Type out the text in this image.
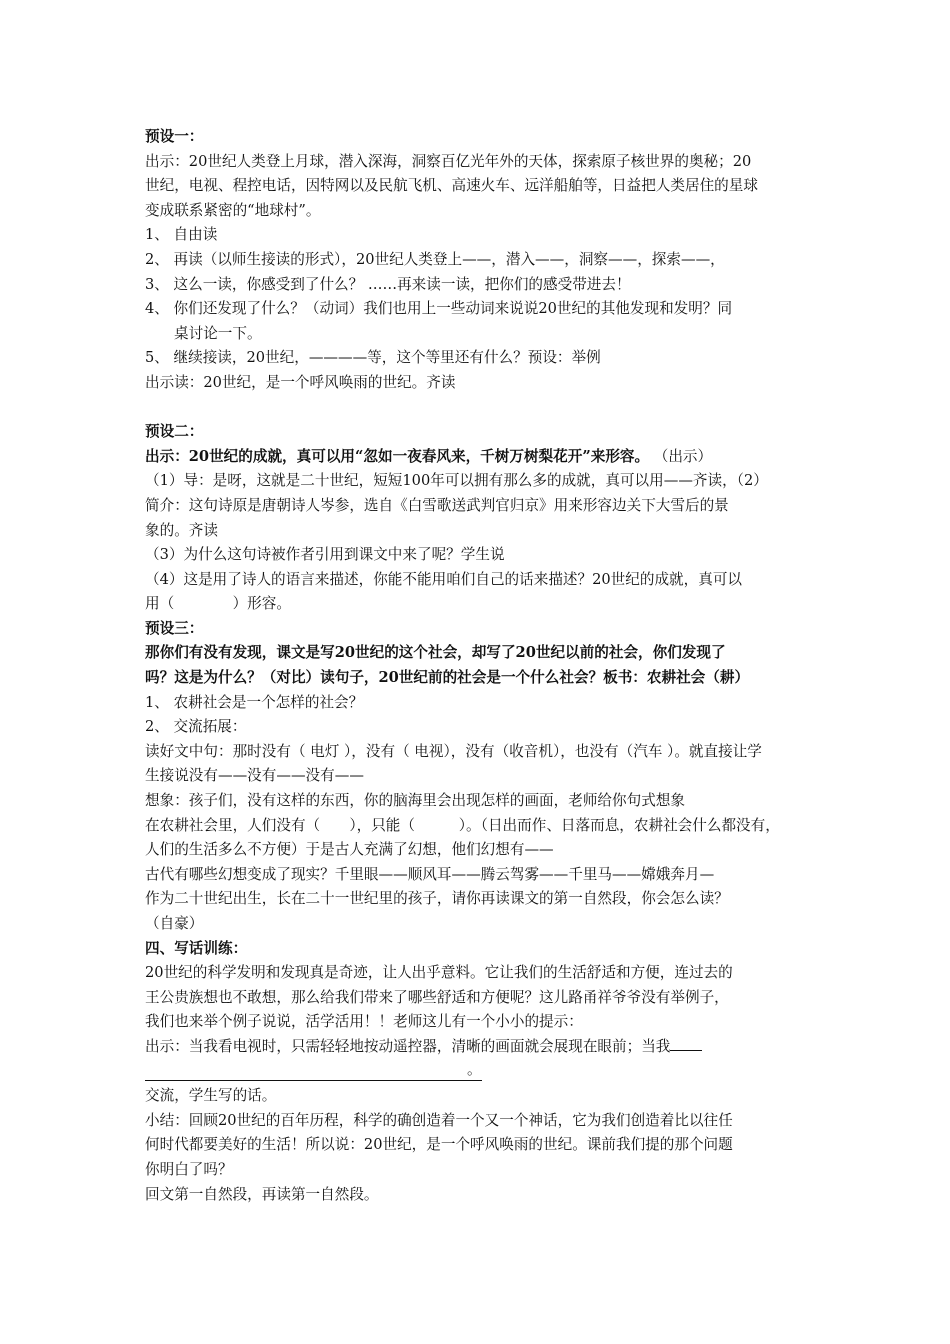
预设一：
出示：20世纪人类登上月球，潜入深海，洞察百亿光年外的天体，探索原子核世界的奥秘；20
世纪，电视、程控电话，因特网以及民航飞机、高速火车、远洋船舶等，日益把人类居住的星球
变成联系紧密的“地球村”。
1、 自由读
2、 再读（以师生接读的形式），20世纪人类登上——，潜入——，洞察——，探索——，
3、 这么一读，你感受到了什么？ ……再来读一读，把你们的感受带进去！
4、 你们还发现了什么？（动词）我们也用上一些动词来说说20世纪的其他发现和发明？同
桌讨论一下。
5、 继续接读，20世纪，————等，这个等里还有什么？预设：举例
出示读：20世纪，是一个呼风唤雨的世纪。齐读
预设二：
出示：20世纪的成就，真可以用“忽如一夜春风来，千树万树梨花开”来形容。 （出示）
（1）导：是呀，这就是二十世纪，短短100年可以拥有那么多的成就，真可以用——齐读，（2）
简介：这句诗原是唐朝诗人岑参，选自《白雪歌送武判官归京》用来形容边关下大雪后的景
象的。齐读
（3）为什么这句诗被作者引用到课文中来了呢？学生说
（4）这是用了诗人的语言来描述，你能不能用咱们自己的话来描述？20世纪的成就，真可以
用（　　　　）形容。
预设三：
那你们有没有发现，课文是写20世纪的这个社会，却写了20世纪以前的社会，你们发现了
吗？这是为什么？（对比）读句子，20世纪前的社会是一个什么社会？板书：农耕社会（耕）
1、 农耕社会是一个怎样的社会？
2、 交流拓展：
读好文中句：那时没有（ 电灯 ），没有（ 电视），没有（收音机），也没有（汽车 ）。就直接让学
生接说没有——没有——没有——
想象：孩子们，没有这样的东西，你的脑海里会出现怎样的画面，老师给你句式想象
在农耕社会里，人们没有（　　），只能（　　　）。（日出而作、日落而息，农耕社会什么都没有，
人们的生活多么不方便）于是古人充满了幻想，他们幻想有——
古代有哪些幻想变成了现实？千里眼——顺风耳——腾云驾雾——千里马——嫦娥奔月—
作为二十世纪出生，长在二十一世纪里的孩子，请你再读课文的第一自然段，你会怎么读？
（自豪）
四、写话训练：
20世纪的科学发明和发现真是奇迹，让人出乎意料。它让我们的生活舒适和方便，连过去的
王公贵族想也不敢想，那么给我们带来了哪些舒适和方便呢？这儿路甬祥爷爷没有举例子，
我们也来举个例子说说，活学活用！！老师这儿有一个小小的提示：
出示：当我看电视时，只需轻轻地按动遥控器，清晰的画面就会展现在眼前；当我
。
交流，学生写的话。
小结：回顾20世纪的百年历程，科学的确创造着一个又一个神话，它为我们创造着比以往任
何时代都要美好的生活！所以说：20世纪，是一个呼风唤雨的世纪。课前我们提的那个问题
你明白了吗？
回文第一自然段，再读第一自然段。
